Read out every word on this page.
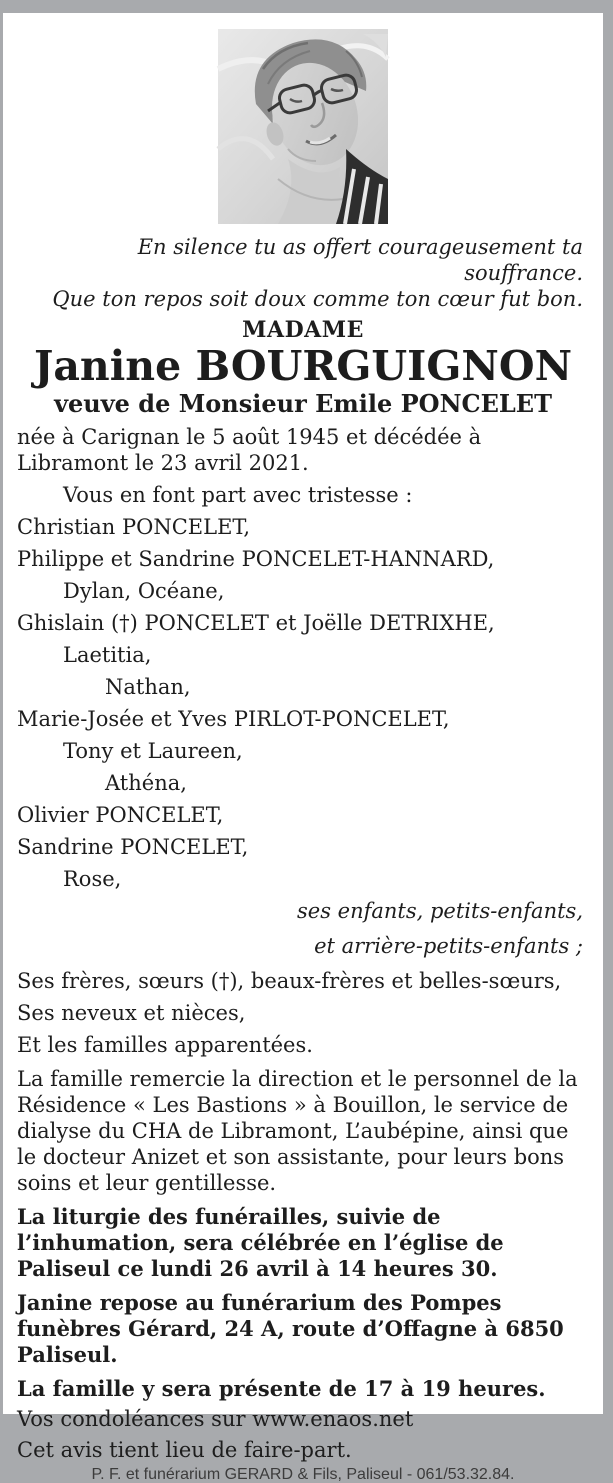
En silence tu as offert courageusement ta souffrance.
Que ton repos soit doux comme ton cœur fut bon.
MADAME
Janine BOURGUIGNON
veuve de Monsieur Emile PONCELET
née à Carignan le 5 août 1945 et décédée à Libramont le 23 avril 2021.
Vous en font part avec tristesse :
Christian PONCELET,
Philippe et Sandrine PONCELET-HANNARD,
Dylan, Océane,
Ghislain (†) PONCELET et Joëlle DETRIXHE,
Laetitia,
Nathan,
Marie-Josée et Yves PIRLOT-PONCELET,
Tony et Laureen,
Athéna,
Olivier PONCELET,
Sandrine PONCELET,
Rose,
ses enfants, petits-enfants,
et arrière-petits-enfants ;
Ses frères, sœurs (†), beaux-frères et belles-sœurs,
Ses neveux et nièces,
Et les familles apparentées.
La famille remercie la direction et le personnel de la Résidence « Les Bastions » à Bouillon, le service de dialyse du CHA de Libramont, L’aubépine, ainsi que le docteur Anizet et son assistante, pour leurs bons soins et leur gentillesse.
La liturgie des funérailles, suivie de l’inhumation, sera célébrée en l’église de Paliseul ce lundi 26 avril à 14 heures 30.
Janine repose au funérarium des Pompes funèbres Gérard, 24 A, route d’Offagne à 6850 Paliseul.
La famille y sera présente de 17 à 19 heures.
Vos condoléances sur www.enaos.net
Cet avis tient lieu de faire-part.
P. F. et funérarium GERARD & Fils, Paliseul - 061/53.32.84.
